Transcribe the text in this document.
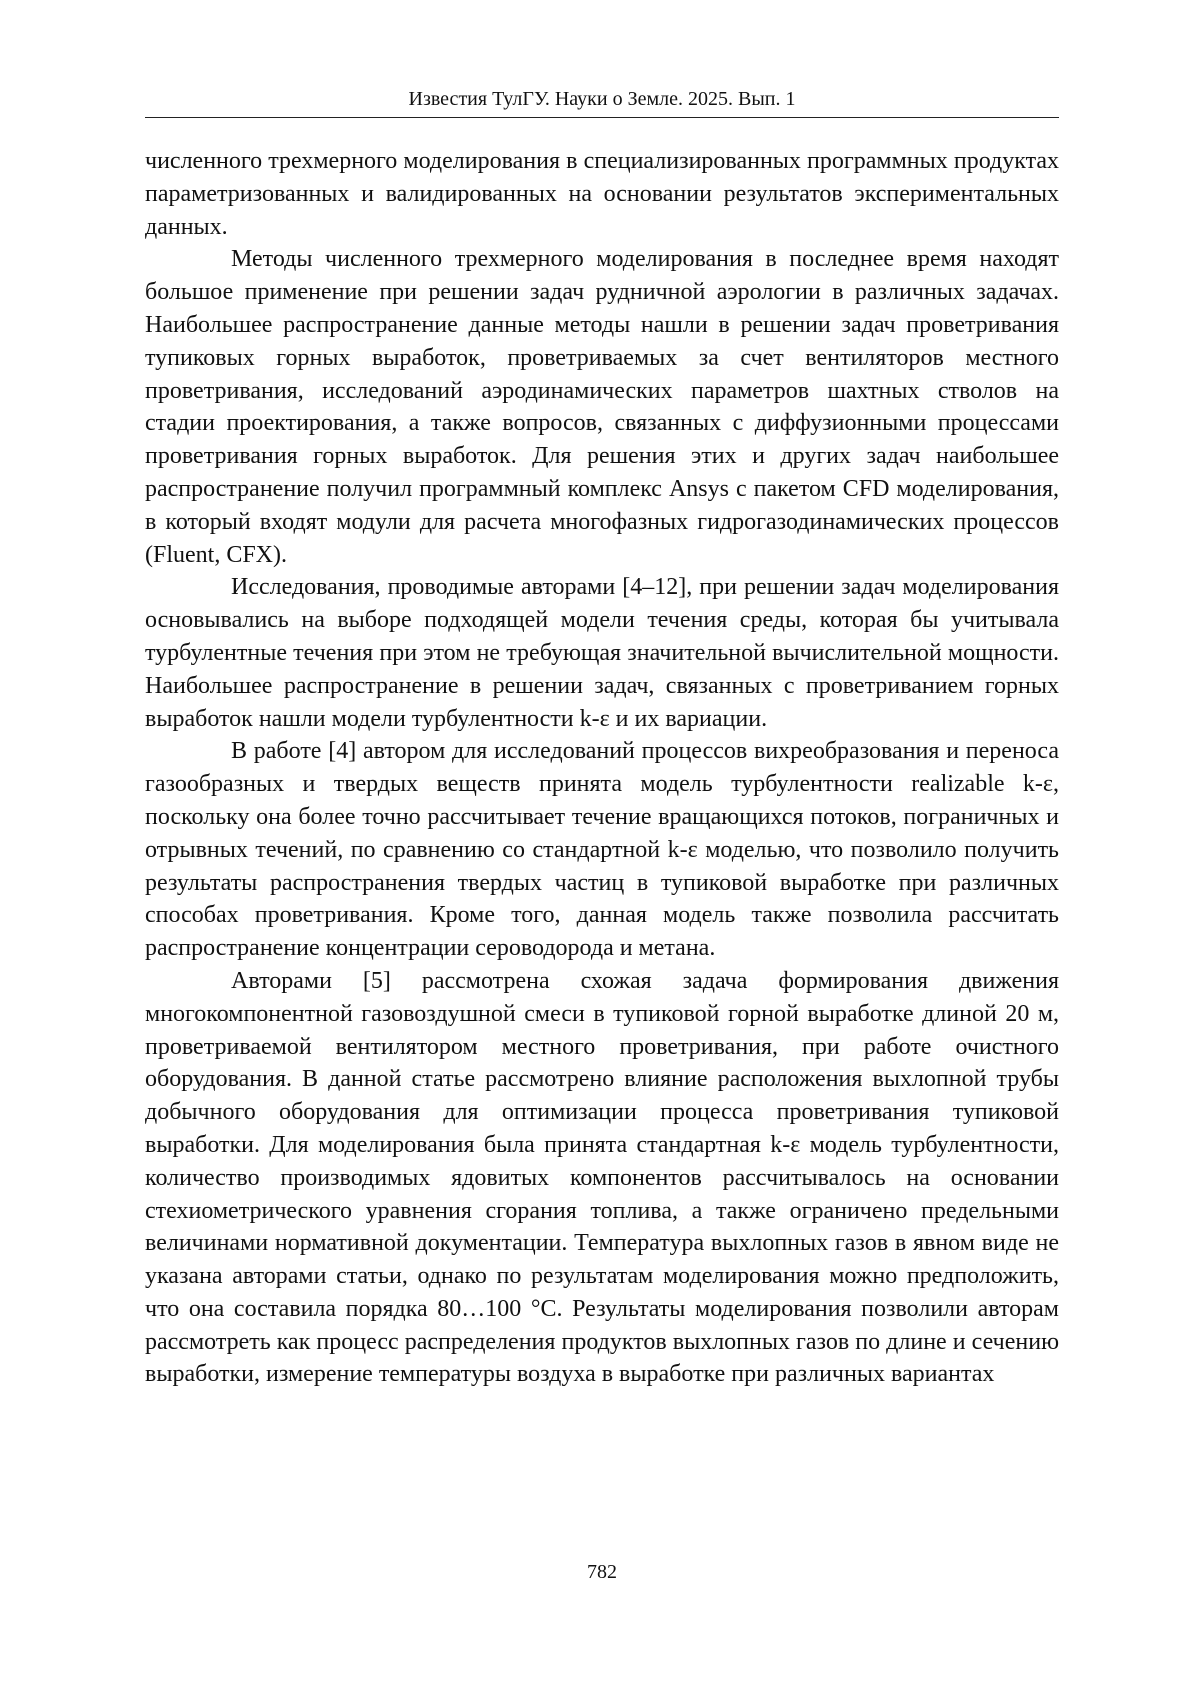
Известия ТулГУ. Науки о Земле. 2025. Вып. 1

численного трехмерного моделирования в специализированных программных продуктах параметризованных и валидированных на основании результатов экспериментальных данных.

Методы численного трехмерного моделирования в последнее время находят большое применение при решении задач рудничной аэрологии в различных задачах. Наибольшее распространение данные методы нашли в решении задач проветривания тупиковых горных выработок, проветриваемых за счет вентиляторов местного проветривания, исследований аэродинамических параметров шахтных стволов на стадии проектирования, а также вопросов, связанных с диффузионными процессами проветривания горных выработок. Для решения этих и других задач наибольшее распространение получил программный комплекс Ansys с пакетом CFD моделирования, в который входят модули для расчета многофазных гидрогазодинамических процессов (Fluent, CFX).

Исследования, проводимые авторами [4–12], при решении задач моделирования основывались на выборе подходящей модели течения среды, которая бы учитывала турбулентные течения при этом не требующая значительной вычислительной мощности. Наибольшее распространение в решении задач, связанных с проветриванием горных выработок нашли модели турбулентности k-ε и их вариации.

В работе [4] автором для исследований процессов вихреобразования и переноса газообразных и твердых веществ принята модель турбулентности realizable k-ε, поскольку она более точно рассчитывает течение вращающихся потоков, пограничных и отрывных течений, по сравнению со стандартной k-ε моделью, что позволило получить результаты распространения твердых частиц в тупиковой выработке при различных способах проветривания. Кроме того, данная модель также позволила рассчитать распространение концентрации сероводорода и метана.

Авторами [5] рассмотрена схожая задача формирования движения многокомпонентной газовоздушной смеси в тупиковой горной выработке длиной 20 м, проветриваемой вентилятором местного проветривания, при работе очистного оборудования. В данной статье рассмотрено влияние расположения выхлопной трубы добычного оборудования для оптимизации процесса проветривания тупиковой выработки. Для моделирования была принята стандартная k-ε модель турбулентности, количество производимых ядовитых компонентов рассчитывалось на основании стехиометрического уравнения сгорания топлива, а также ограничено предельными величинами нормативной документации. Температура выхлопных газов в явном виде не указана авторами статьи, однако по результатам моделирования можно предположить, что она составила порядка 80…100 °C. Результаты моделирования позволили авторам рассмотреть как процесс распределения продуктов выхлопных газов по длине и сечению выработки, измерение температуры воздуха в выработке при различных вариантах

782
